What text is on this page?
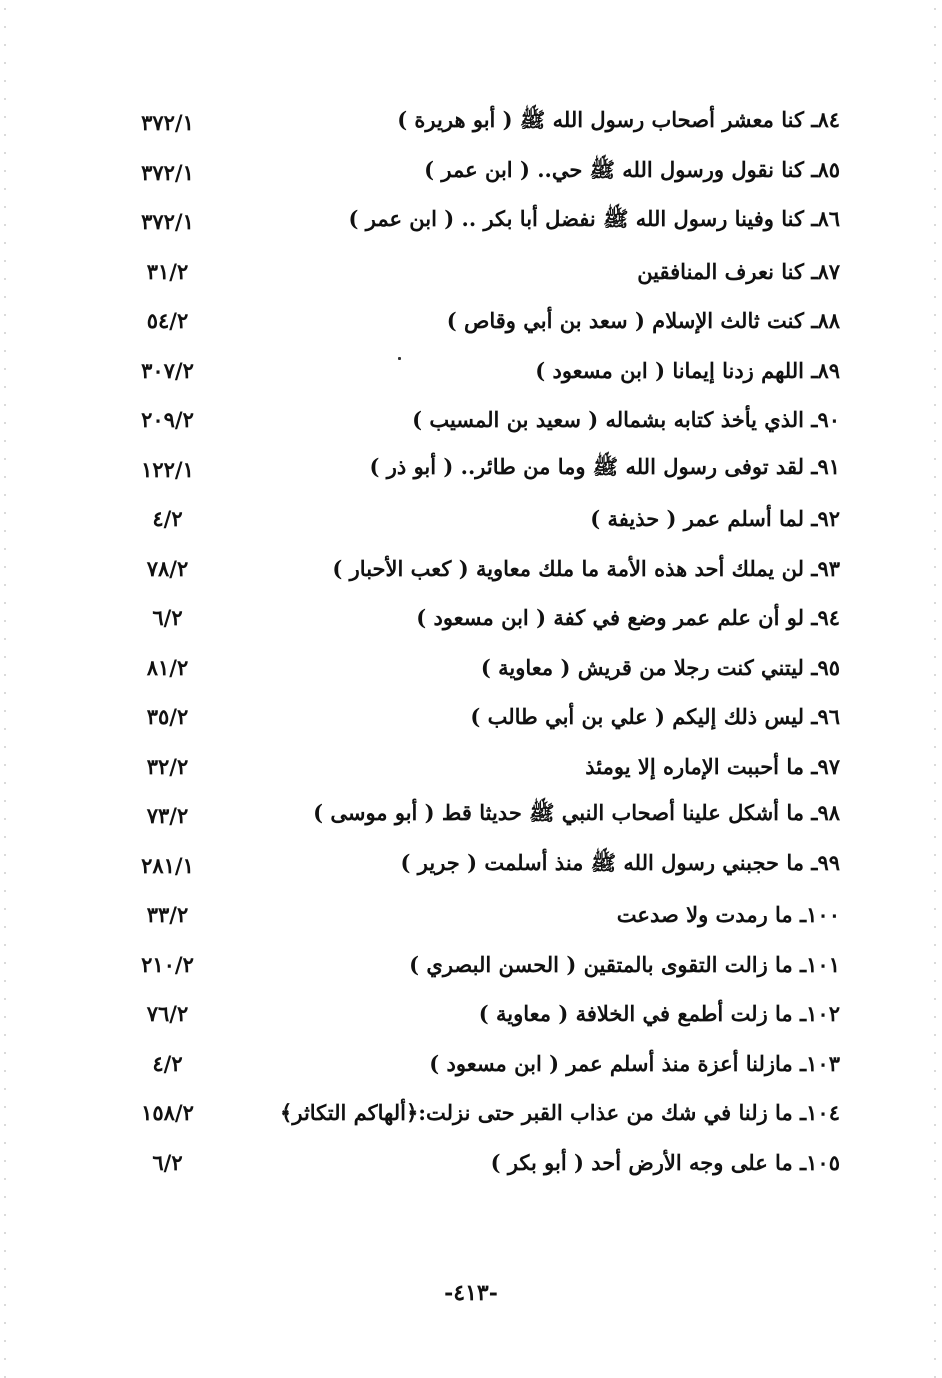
٨٤ـ كنا معشر أصحاب رسول الله ﷺ ( أبو هريرة )
٣٧٢/١
٨٥ـ كنا نقول ورسول الله ﷺ حي.. ( ابن عمر )
٣٧٢/١
٨٦ـ كنا وفينا رسول الله ﷺ نفضل أبا بكر .. ( ابن عمر )
٣٧٢/١
٨٧ـ كنا نعرف المنافقين
٣١/٢
٨٨ـ كنت ثالث الإسلام ( سعد بن أبي وقاص )
٥٤/٢
٨٩ـ اللهم زدنا إيمانا ( ابن مسعود )
٣٠٧/٢
٩٠ـ الذي يأخذ كتابه بشماله ( سعيد بن المسيب )
٢٠٩/٢
٩١ـ لقد توفى رسول الله ﷺ وما من طائر.. ( أبو ذر )
١٢٢/١
٩٢ـ لما أسلم عمر ( حذيفة )
٤/٢
٩٣ـ لن يملك أحد هذه الأمة ما ملك معاوية ( كعب الأحبار )
٧٨/٢
٩٤ـ لو أن علم عمر وضع في كفة ( ابن مسعود )
٦/٢
٩٥ـ ليتني كنت رجلا من قريش ( معاوية )
٨١/٢
٩٦ـ ليس ذلك إليكم ( علي بن أبي طالب )
٣٥/٢
٩٧ـ ما أحببت الإماره إلا يومئذ
٣٢/٢
٩٨ـ ما أشكل علينا أصحاب النبي ﷺ حديثا قط ( أبو موسى )
٧٣/٢
٩٩ـ ما حجبني رسول الله ﷺ منذ أسلمت ( جرير )
٢٨١/١
١٠٠ـ ما رمدت ولا صدعت
٣٣/٢
١٠١ـ ما زالت التقوى بالمتقين ( الحسن البصري )
٢١٠/٢
١٠٢ـ ما زلت أطمع في الخلافة ( معاوية )
٧٦/٢
١٠٣ـ مازلنا أعزة منذ أسلم عمر ( ابن مسعود )
٤/٢
١٠٤ـ ما زلنا في شك من عذاب القبر حتى نزلت:﴿ألهاكم التكاثر﴾
١٥٨/٢
١٠٥ـ ما على وجه الأرض أحد ( أبو بكر )
٦/٢
-٤١٣-
